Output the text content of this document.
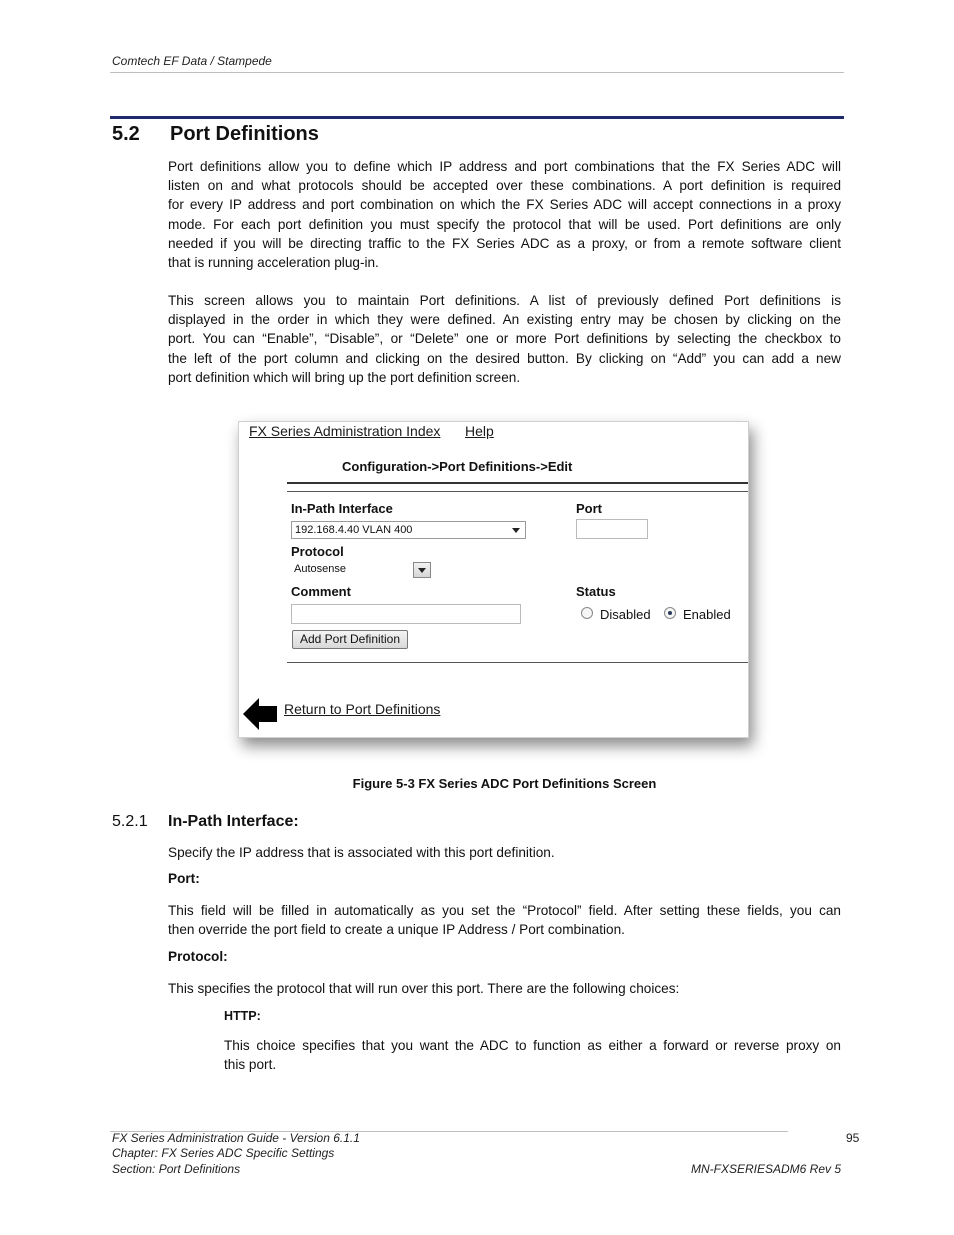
Comtech EF Data / Stampede
5.2 Port Definitions
Port definitions allow you to define which IP address and port combinations that the FX Series ADC will
listen on and what protocols should be accepted over these combinations. A port definition is required
for every IP address and port combination on which the FX Series ADC will accept connections in a proxy
mode. For each port definition you must specify the protocol that will be used. Port definitions are only
needed if you will be directing traffic to the FX Series ADC as a proxy, or from a remote software client
that is running acceleration plug-in.
This screen allows you to maintain Port definitions. A list of previously defined Port definitions is
displayed in the order in which they were defined. An existing entry may be chosen by clicking on the
port. You can “Enable”, “Disable”, or “Delete” one or more Port definitions by selecting the checkbox to
the left of the port column and clicking on the desired button. By clicking on “Add” you can add a new
port definition which will bring up the port definition screen.
FX Series Administration Index Help
Configuration->Port Definitions->Edit
In-Path Interface
192.168.4.40 VLAN 400
Port
Protocol
Autosense
Comment	Status
Disabled Enabled
Add Port Definition
Return to Port Definitions
Figure 5-3 FX Series ADC Port Definitions Screen
5.2.1 In-Path Interface:
Specify the IP address that is associated with this port definition.
Port:
This field will be filled in automatically as you set the “Protocol” field. After setting these fields, you can
then override the port field to create a unique IP Address / Port combination.
Protocol:
This specifies the protocol that will run over this port. There are the following choices:
HTTP:
This choice specifies that you want the ADC to function as either a forward or reverse proxy on
this port.
FX Series Administration Guide - Version 6.1.1
Chapter: FX Series ADC Specific Settings
Section: Port Definitions
95
MN-FXSERIESADM6 Rev 5
